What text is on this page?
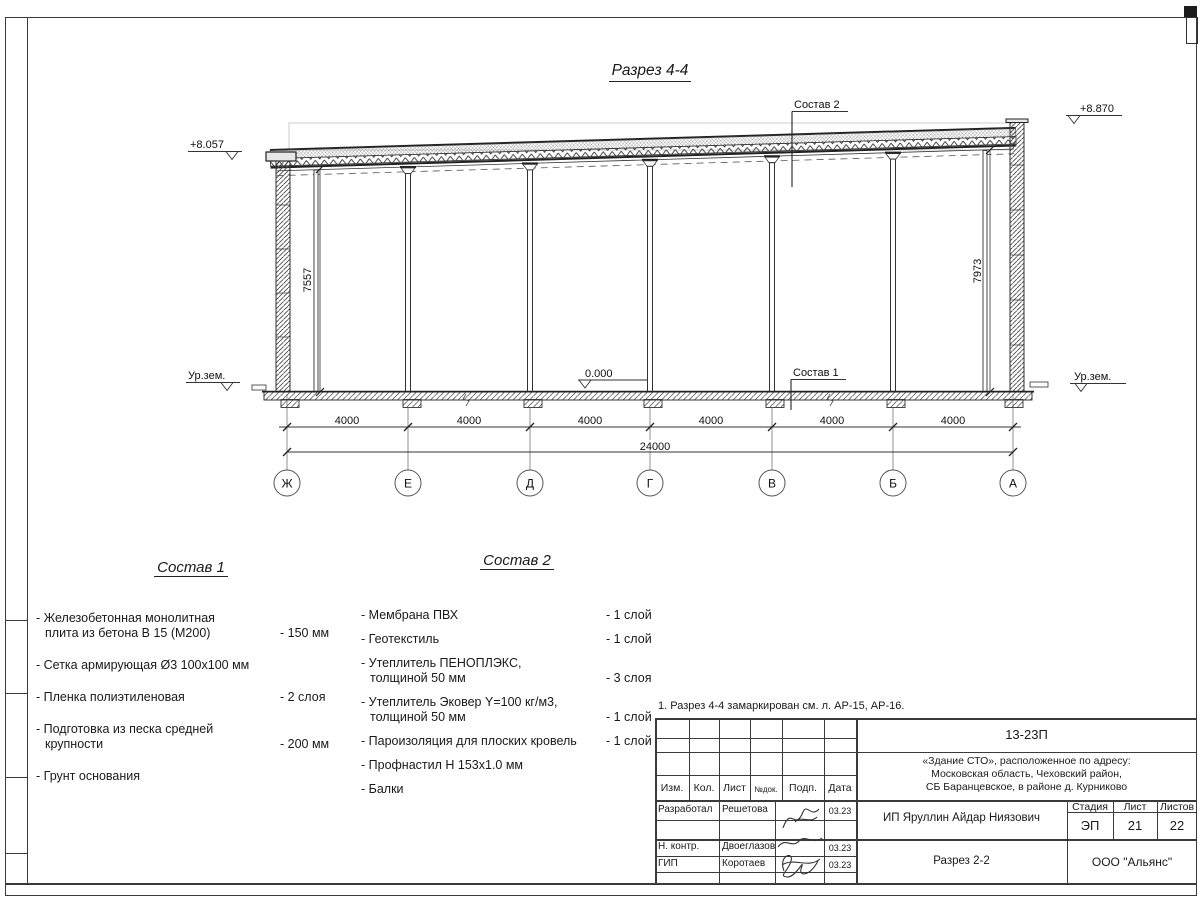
Разрез 4-4
4000	4000	4000	4000	4000	4000
24000
Ж	Е	Д	Г	В	Б	А
7557	7973
+8.057
+8.870
0.000
Ур.зем.	Ур.зем.
Состав 2
Состав 1
Состав 1
- Железобетонная монолитная плита из бетона В 15 (М200)	- 150 мм
- Сетка армирующая Ø3 100х100 мм
- Пленка полиэтиленовая	- 2 слоя
- Подготовка из песка средней крупности	- 200 мм
- Грунт основания
Состав 2
- Мембрана ПВХ	- 1 слой
- Геотекстиль	- 1 слой
- Утеплитель ПЕНОПЛЭКС, толщиной 50 мм	- 3 слоя
- Утеплитель Эковер Y=100 кг/м3, толщиной 50 мм	- 1 слой
- Пароизоляция для плоских кровель	- 1 слой
- Профнастил Н 153х1.0 мм
- Балки
1. Разрез 4-4 замаркирован см. л. АР-15, АР-16.
13-23П
«Здание СТО», расположенное по адресу:
Московская область, Чеховский район,
СБ Баранцевское, в районе д. Курниково
Изм. Кол. Лист	№док.	Подп.	Дата
Разработал Решетова	03.23
Н. контр. Двоеглазов	03.23
ГИП	Коротаев	03.23
ИП Яруллин Айдар Ниязович
Разрез 2-2
Стадия	Лист	Листов
ЭП	21	22
ООО "Альянс"
